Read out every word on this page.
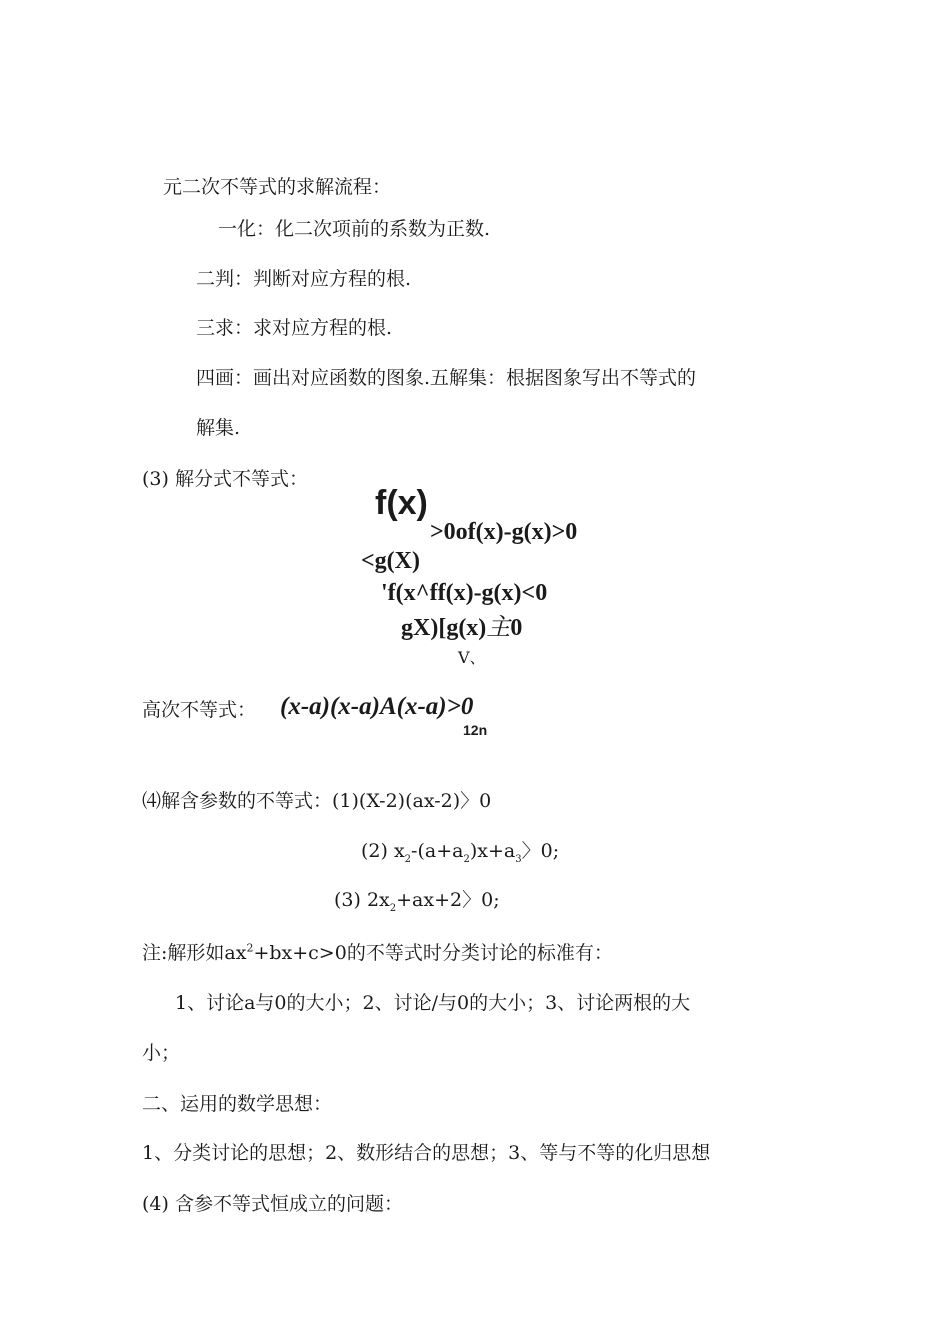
元二次不等式的求解流程：
一化：化二次项前的系数为正数.
二判：判断对应方程的根.
三求：求对应方程的根.
四画：画出对应函数的图象.五解集：根据图象写出不等式的
解集.
(3) 解分式不等式：
f(x)
>0of(x)-g(x)>0
<g(X)
'f(x^ff(x)-g(x)<0
gX)[g(x)主0
V、
高次不等式： (x-a)(x-a)A(x-a)>0
12n
⑷解含参数的不等式：(1)(X-2)(ax-2)〉0
(2) $x_2-(a+a_2)x+a_3$〉0;
(3) $2x_2+ax+2$〉0;
注:解形如$ax^2+bx+c>0$的不等式时分类讨论的标准有：
1、讨论a与0的大小；2、讨论/与0的大小；3、讨论两根的大
小；
二、运用的数学思想：
1、分类讨论的思想；2、数形结合的思想；3、等与不等的化归思想
(4) 含参不等式恒成立的问题：
